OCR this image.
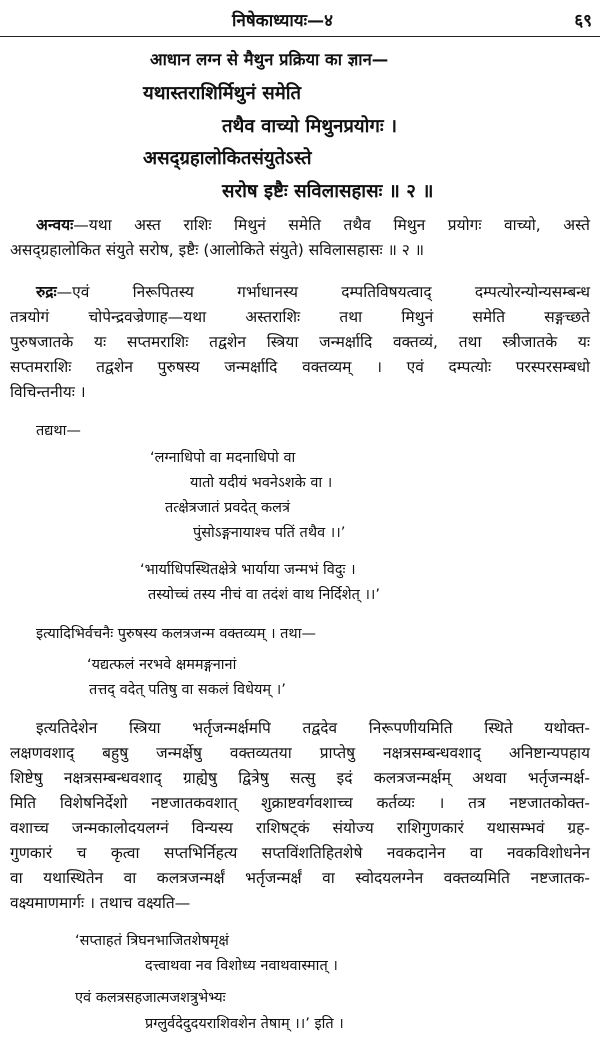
निषेकाध्यायः—४	६९
आधान लग्न से मैथुन प्रक्रिया का ज्ञान—
यथास्तराशिर्मिथुनं समेति
तथैव वाच्यो मिथुनप्रयोगः ।
असद्ग्रहालोकितसंयुतेऽस्ते
सरोष इष्टैः सविलासहासः ॥ २ ॥
अन्वयः—यथा अस्त राशिः मिथुनं समेति तथैव मिथुन प्रयोगः वाच्यो, अस्ते
असद्ग्रहालोकित संयुते सरोष, इष्टैः (आलोकिते संयुते) सविलासहासः ॥ २ ॥
रुद्रः—एवं निरूपितस्य गर्भाधानस्य दम्पतिविषयत्वाद् दम्पत्योरन्योन्यसम्बन्ध
तत्रयोगं चोपेन्द्रवज्रेणाह—यथा अस्तराशिः तथा मिथुनं समेति सङ्गच्छते
पुरुषजातके यः सप्तमराशिः तद्वशेन स्त्रिया जन्मर्क्षादि वक्तव्यं, तथा स्त्रीजातके यः
सप्तमराशिः तद्वशेन पुरुषस्य जन्मर्क्षादि वक्तव्यम् । एवं दम्पत्योः परस्परसम्बधो
विचिन्तनीयः ।
तद्यथा—
‘लग्नाधिपो वा मदनाधिपो वा
यातो यदीयं भवनेऽशके वा ।
तत्क्षेत्रजातं प्रवदेत् कलत्रं
पुंसोऽङ्गनायाश्च पतिं तथैव ।।’
‘भार्याधिपस्थितक्षेत्रे भार्याया जन्मभं विदुः ।
तस्योच्चं तस्य नीचं वा तदंशं वाथ निर्दिशेत् ।।’
इत्यादिभिर्वचनैः पुरुषस्य कलत्रजन्म वक्तव्यम् । तथा—
‘यद्यत्फलं नरभवे क्षममङ्गनानां
तत्तद् वदेत् पतिषु वा सकलं विधेयम् ।’
इत्यतिदेशेन स्त्रिया भर्तृजन्मर्क्षमपि तद्वदेव निरूपणीयमिति स्थिते यथोक्त-
लक्षणवशाद् बहुषु जन्मर्क्षेषु वक्तव्यतया प्राप्तेषु नक्षत्रसम्बन्धवशाद् अनिष्टान्यपहाय
शिष्टेषु नक्षत्रसम्बन्धवशाद् ग्राह्येषु द्वित्रेषु सत्सु इदं कलत्रजन्मर्क्षम् अथवा भर्तृजन्मर्क्ष-
मिति विशेषनिर्देशो नष्टजातकवशात् शुक्राष्टवर्गवशाच्च कर्तव्यः । तत्र नष्टजातकोक्त-
वशाच्च जन्मकालोदयलग्नं विन्यस्य राशिषट्कं संयोज्य राशिगुणकारं यथासम्भवं ग्रह-
गुणकारं च कृत्वा सप्तभिर्निहत्य सप्तविंशतिहितशेषे नवकदानेन वा नवकविशोधनेन
वा यथास्थितेन वा कलत्रजन्मर्क्षं भर्तृजन्मर्क्षं वा स्वोदयलग्नेन वक्तव्यमिति नष्टजातक-
वक्ष्यमाणमार्गः । तथाच वक्ष्यति—
‘सप्ताहतं त्रिघनभाजितशेषमृक्षं
दत्त्वाथवा नव विशोध्य नवाथवास्मात् ।
एवं कलत्रसहजात्मजशत्रुभेभ्यः
प्रग्लुर्वदेदुदयराशिवशेन तेषाम् ।।’ इति ।
